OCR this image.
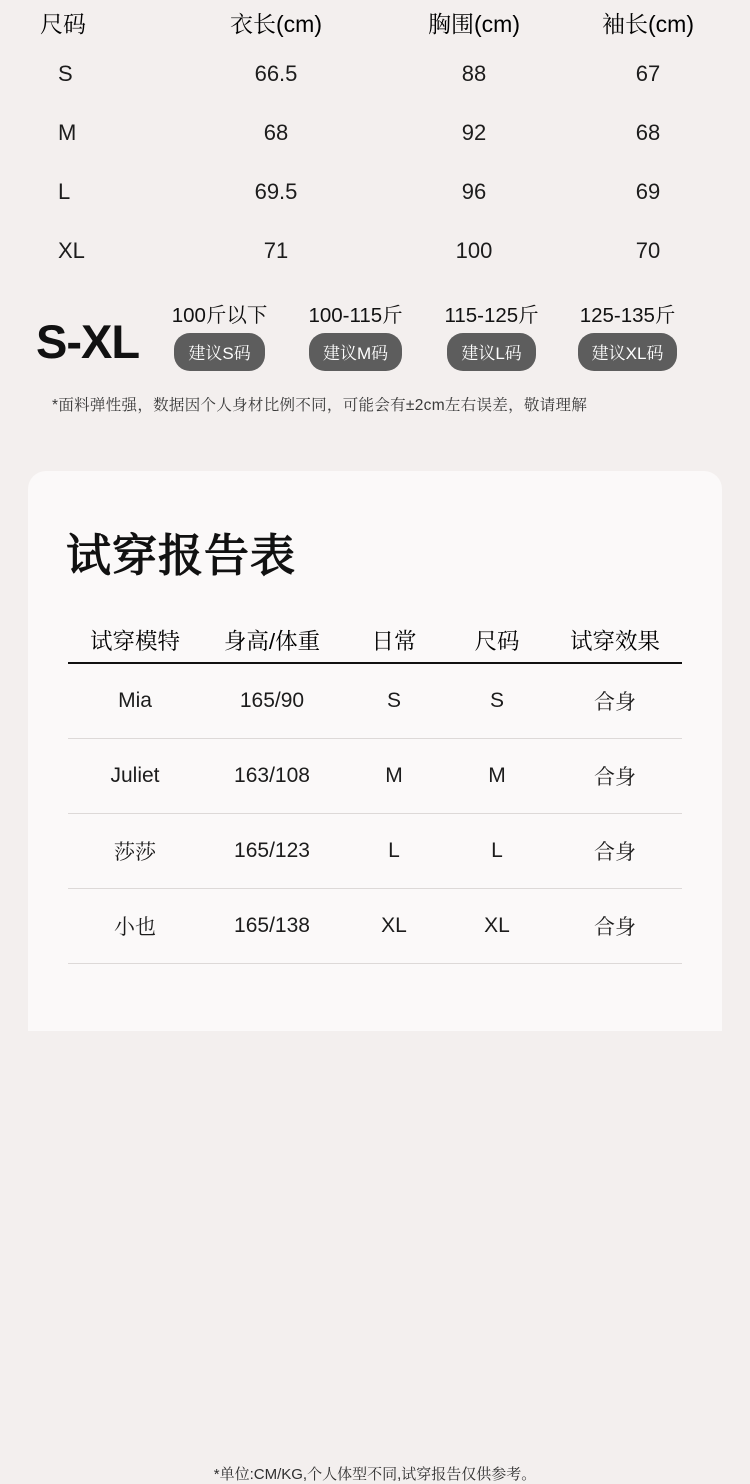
尺码	衣长(cm)	胸围(cm)	袖长(cm)
S	66.5	88	67
M	68	92	68
L	69.5	96	69
XL	71	100	70
S-XL	100斤以下
建议S码
100-115斤
建议M码
115-125斤
建议L码
125-135斤
建议XL码
*面料弹性强，数据因个人身材比例不同，可能会有±2cm左右误差，敬请理解
试穿报告表
试穿模特	身高/体重	日常	尺码	试穿效果
Mia	165/90	S	S	合身
Juliet	163/108	M	M	合身
莎莎	165/123	L	L	合身
小也	165/138	XL	XL	合身
*单位:CM/KG,个人体型不同,试穿报告仅供参考。
